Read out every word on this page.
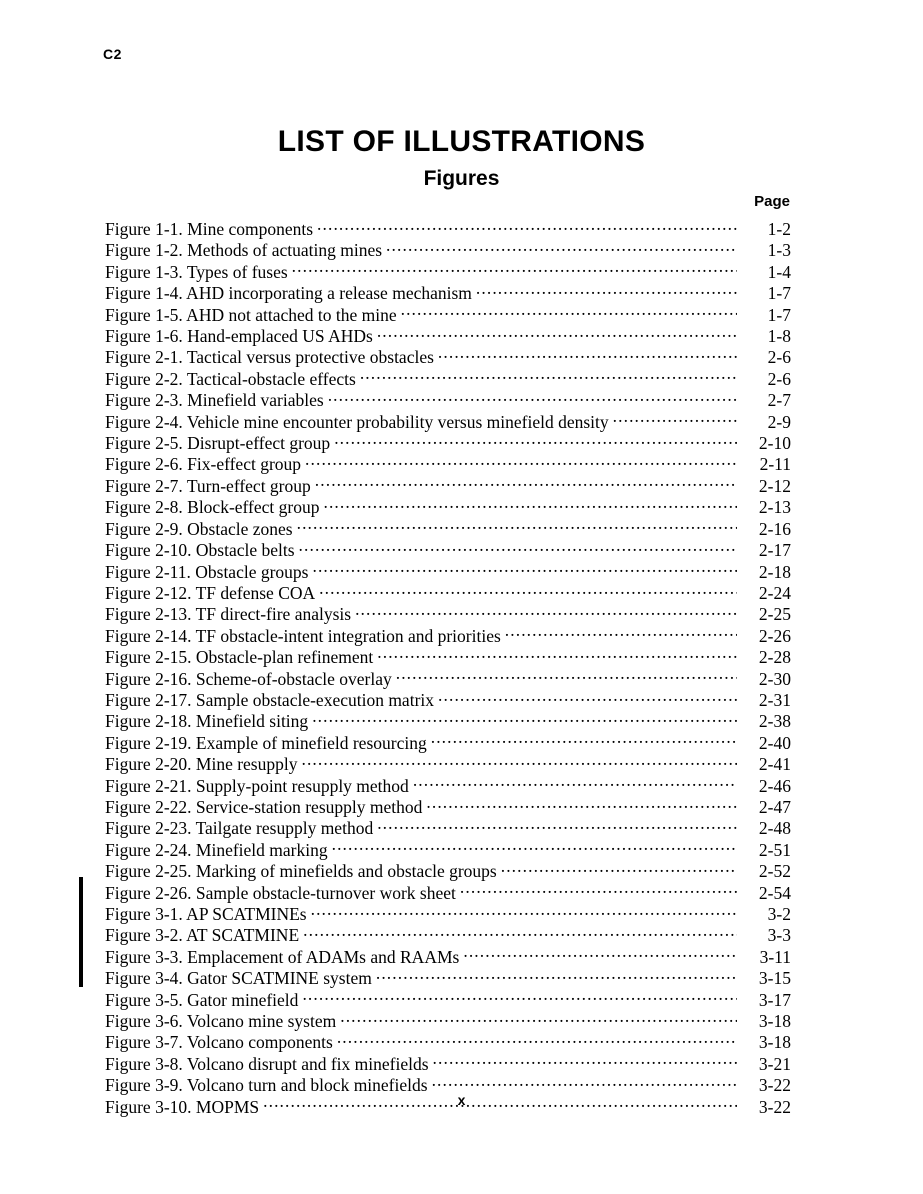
C2
LIST OF ILLUSTRATIONS
Figures
Page
Figure 1-1. Mine components .....	1-2
Figure 1-2. Methods of actuating mines .....	1-3
Figure 1-3. Types of fuses .....	1-4
Figure 1-4. AHD incorporating a release mechanism .....	1-7
Figure 1-5. AHD not attached to the mine .....	1-7
Figure 1-6. Hand-emplaced US AHDs .....	1-8
Figure 2-1. Tactical versus protective obstacles .....	2-6
Figure 2-2. Tactical-obstacle effects .....	2-6
Figure 2-3. Minefield variables .....	2-7
Figure 2-4. Vehicle mine encounter probability versus minefield density .....	2-9
Figure 2-5. Disrupt-effect group .....	2-10
Figure 2-6. Fix-effect group .....	2-11
Figure 2-7. Turn-effect group .....	2-12
Figure 2-8. Block-effect group .....	2-13
Figure 2-9. Obstacle zones .....	2-16
Figure 2-10. Obstacle belts .....	2-17
Figure 2-11. Obstacle groups .....	2-18
Figure 2-12. TF defense COA .....	2-24
Figure 2-13. TF direct-fire analysis .....	2-25
Figure 2-14. TF obstacle-intent integration and priorities .....	2-26
Figure 2-15. Obstacle-plan refinement .....	2-28
Figure 2-16. Scheme-of-obstacle overlay .....	2-30
Figure 2-17. Sample obstacle-execution matrix .....	2-31
Figure 2-18. Minefield siting .....	2-38
Figure 2-19. Example of minefield resourcing .....	2-40
Figure 2-20. Mine resupply .....	2-41
Figure 2-21. Supply-point resupply method .....	2-46
Figure 2-22. Service-station resupply method .....	2-47
Figure 2-23. Tailgate resupply method .....	2-48
Figure 2-24. Minefield marking .....	2-51
Figure 2-25. Marking of minefields and obstacle groups .....	2-52
Figure 2-26. Sample obstacle-turnover work sheet .....	2-54
Figure 3-1. AP SCATMINEs .....	3-2
Figure 3-2. AT SCATMINE .....	3-3
Figure 3-3. Emplacement of ADAMs and RAAMs .....	3-11
Figure 3-4. Gator SCATMINE system .....	3-15
Figure 3-5. Gator minefield .....	3-17
Figure 3-6. Volcano mine system .....	3-18
Figure 3-7. Volcano components .....	3-18
Figure 3-8. Volcano disrupt and fix minefields .....	3-21
Figure 3-9. Volcano turn and block minefields .....	3-22
Figure 3-10. MOPMS .....	3-22
x
